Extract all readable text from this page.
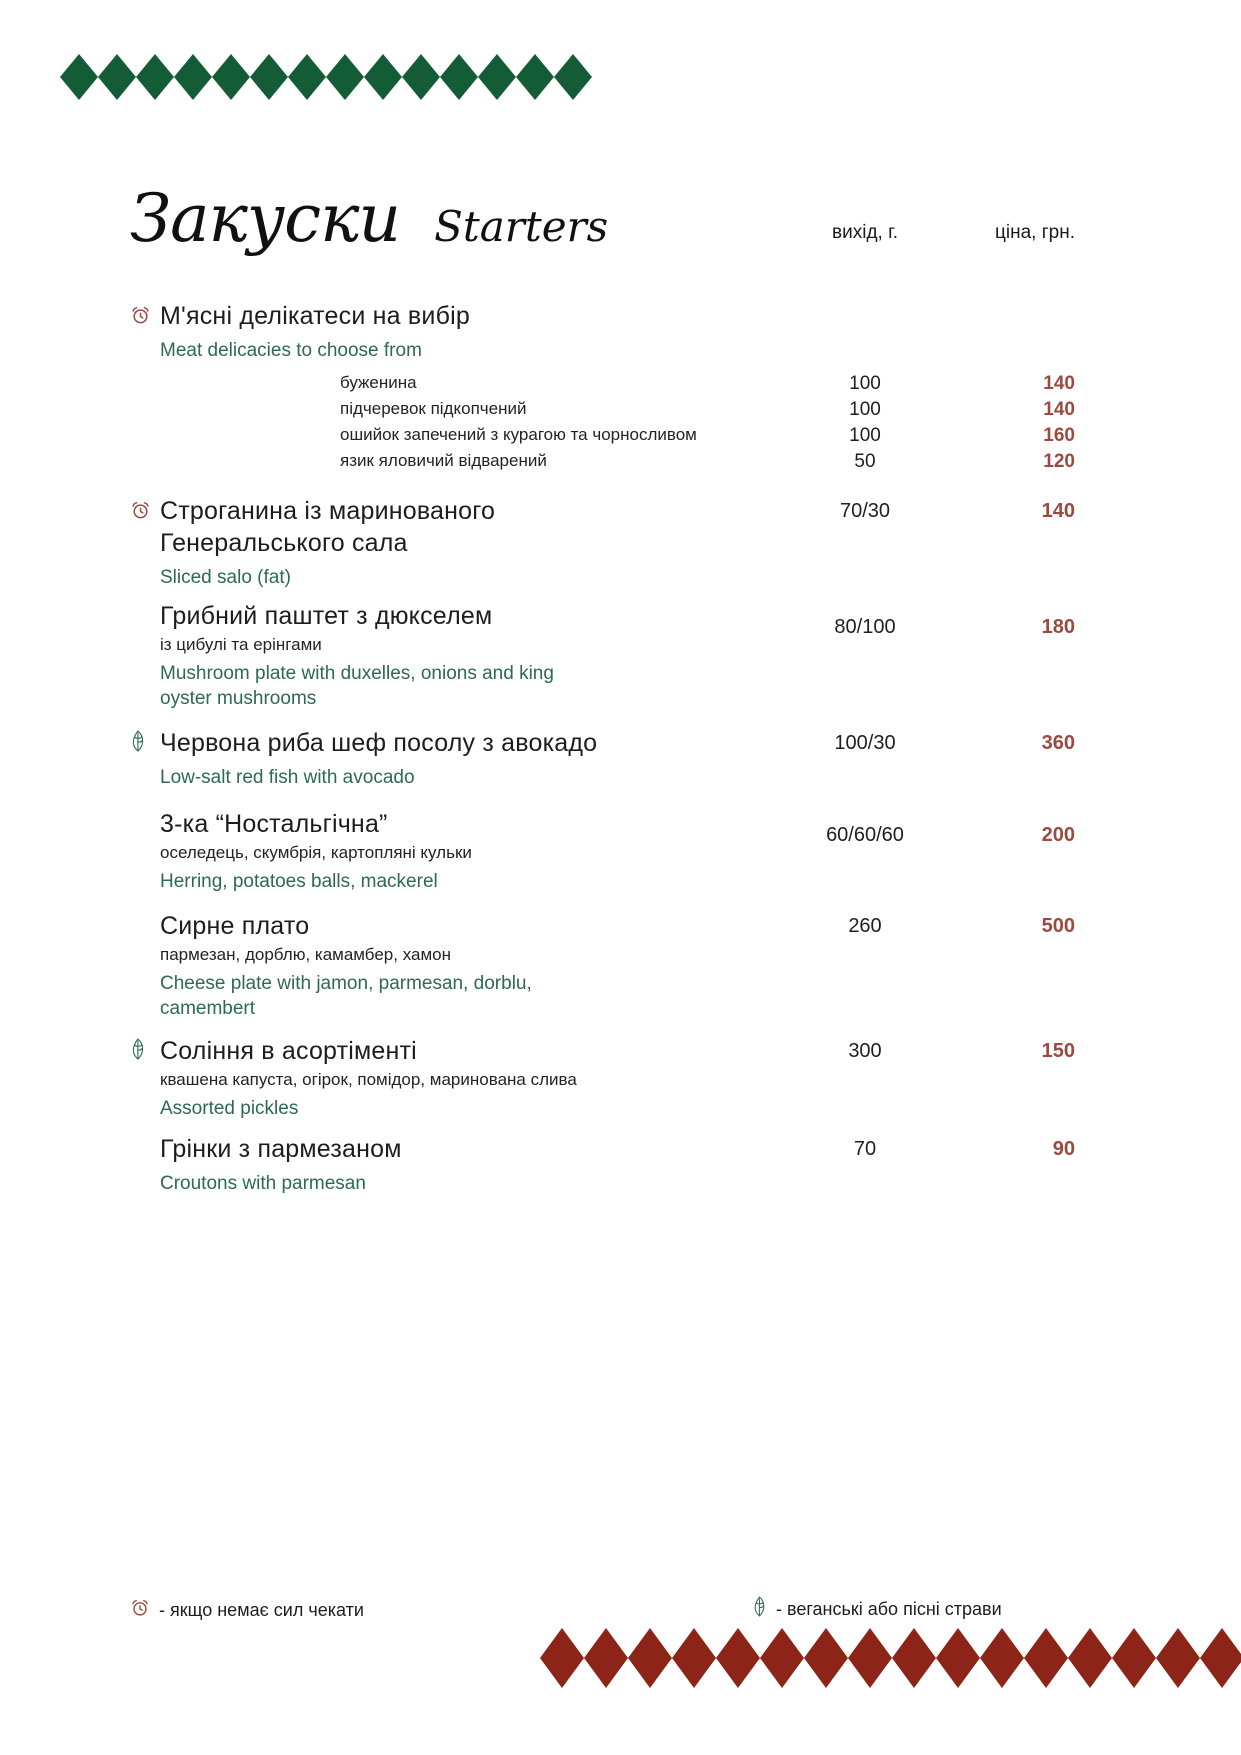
Закуски Starters	вихід, г.	ціна, грн.
М'ясні делікатеси на вибір
Meat delicacies to choose from
буженина	100	140
підчеревок підкопчений	100	140
ошийок запечений з курагою та чорносливом	100	160
язик яловичий відварений	50	120
Строганина із маринованого
Генеральського сала
Sliced salo (fat)
70/30	140
Грибний паштет з дюкселем
із цибулі та ерінгами
Mushroom plate with duxelles, onions and king
oyster mushrooms
80/100	180
Червона риба шеф посолу з авокадо
Low-salt red fish with avocado
100/30	360
3-ка “Ностальгічна”
оселедець, скумбрія, картопляні кульки
Herring, potatoes balls, mackerel
60/60/60	200
Сирне плато
пармезан, дорблю, камамбер, хамон
Cheese plate with jamon, parmesan, dorblu,
camembert
260	500
Соління в асортіменті
квашена капуста, огірок, помідор, маринована слива
Assorted pickles
300	150
Грінки з пармезаном
Croutons with parmesan
70	90
- якщо немає сил чекати	- веганські або пісні страви
